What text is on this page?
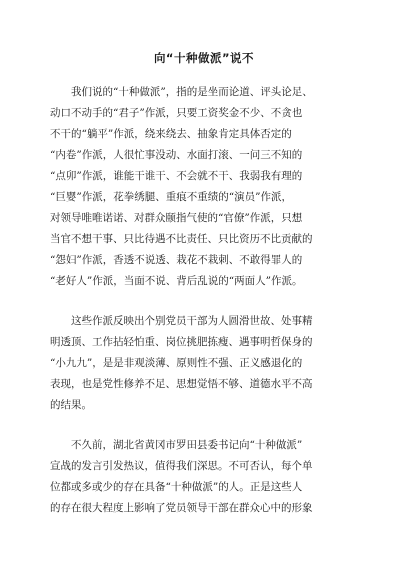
向“十种做派”说不
我们说的“十种做派”，指的是坐而论道、评头论足、
动口不动手的“君子”作派，只要工资奖金不少、不贪也
不干的“躺平”作派，绕来绕去、抽象肯定具体否定的
“内卷”作派，人很忙事没动、水面打滚、一问三不知的
“点卯”作派，谁能干谁干、不会就不干、我弱我有理的
“巨婴”作派，花拳绣腿、重痕不重绩的“演员”作派，
对领导唯唯诺诺、对群众颐指气使的“官僚”作派，只想
当官不想干事、只比待遇不比责任、只比资历不比贡献的
“怨妇”作派，香透不说透、栽花不栽刺、不敢得罪人的
“老好人”作派，当面不说、背后乱说的“两面人”作派。
这些作派反映出个别党员干部为人圆滑世故、处事精
明透顶、工作拈轻怕重、岗位挑肥拣瘦、遇事明哲保身的
“小九九”，是是非观淡薄、原则性不强、正义感退化的
表现，也是党性修养不足、思想觉悟不够、道德水平不高
的结果。
不久前，湖北省黄冈市罗田县委书记向“十种做派”
宣战的发言引发热议，值得我们深思。不可否认，每个单
位都或多或少的存在具备“十种做派”的人。正是这些人
的存在很大程度上影响了党员领导干部在群众心中的形象
